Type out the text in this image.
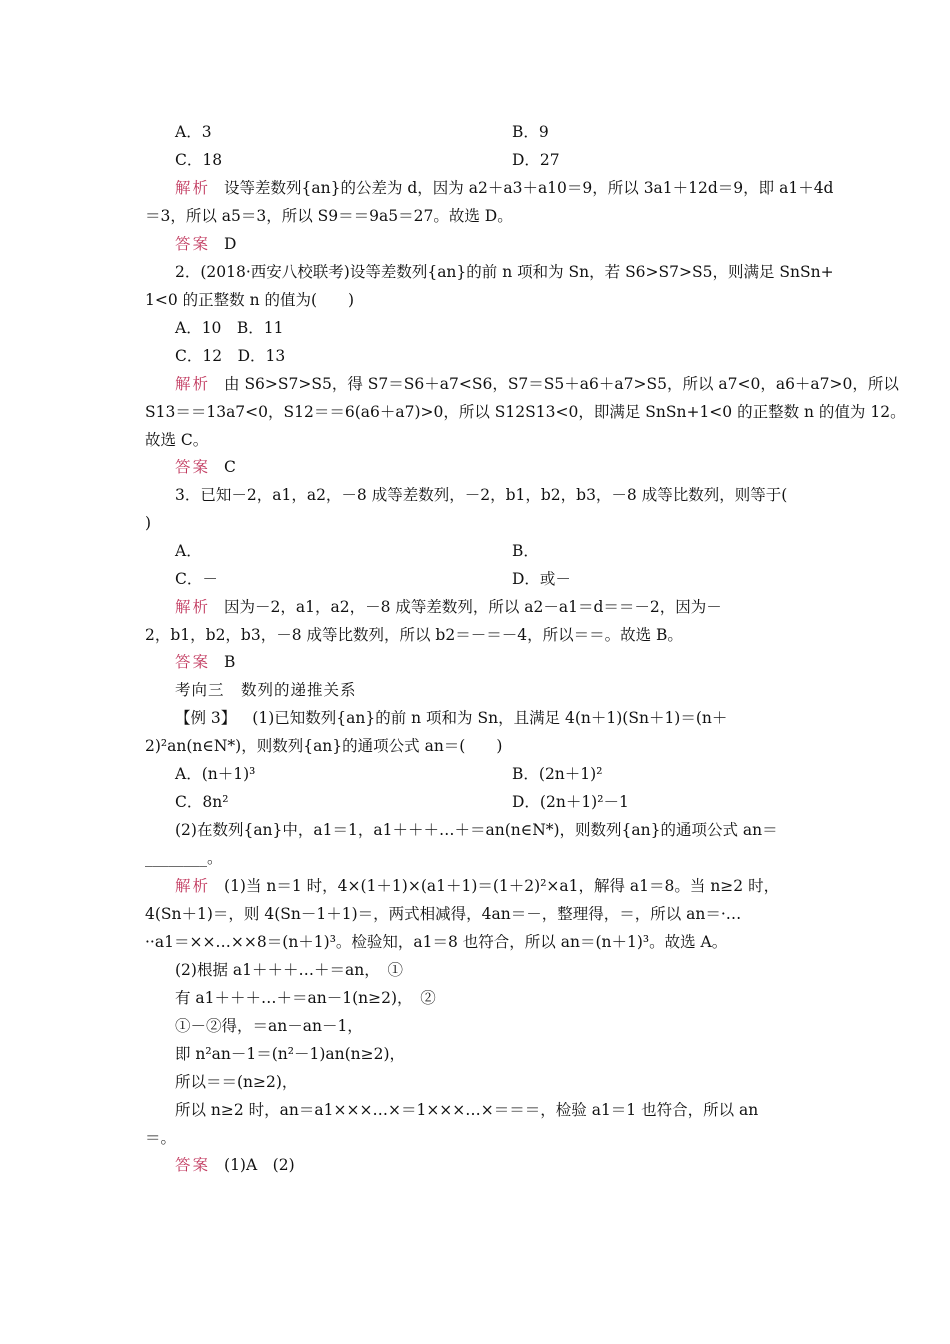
A．3	B．9
C．18	D．27
解析 设等差数列{an}的公差为 d，因为 a2＋a3＋a10＝9，所以 3a1＋12d＝9，即 a1＋4d
＝3，所以 a5＝3，所以 S9＝＝9a5＝27。故选 D。
答案 D
2．(2018·西安八校联考)设等差数列{an}的前 n 项和为 Sn，若 S6>S7>S5，则满足 SnSn+
1<0 的正整数 n 的值为(　　)
A．10　B．11
C．12　D．13
解析 由 S6>S7>S5，得 S7＝S6＋a7<S6，S7＝S5＋a6＋a7>S5，所以 a7<0，a6＋a7>0，所以
S13＝＝13a7<0，S12＝＝6(a6＋a7)>0，所以 S12S13<0，即满足 SnSn+1<0 的正整数 n 的值为 12。
故选 C。
答案 C
3．已知－2，a1，a2，－8 成等差数列，－2，b1，b2，b3，－8 成等比数列，则等于(
)
A．	B．
C．－	D．或－
解析 因为－2，a1，a2，－8 成等差数列，所以 a2－a1＝d＝＝－2，因为－
2，b1，b2，b3，－8 成等比数列，所以 b2＝－＝－4，所以＝＝。故选 B。
答案 B
考向三　数列的递推关系
【例 3】 (1)已知数列{an}的前 n 项和为 Sn，且满足 4(n＋1)(Sn＋1)＝(n＋
2)²an(n∈N*)，则数列{an}的通项公式 an＝(　　)
A．(n＋1)³	B．(2n＋1)²
C．8n²	D．(2n＋1)²－1
(2)在数列{an}中，a1＝1，a1＋＋＋…＋＝an(n∈N*)，则数列{an}的通项公式 an＝
________。
解析 (1)当 n＝1 时，4×(1＋1)×(a1＋1)＝(1＋2)²×a1，解得 a1＝8。当 n≥2 时，
4(Sn＋1)＝，则 4(Sn－1＋1)＝，两式相减得，4an＝－，整理得，＝，所以 an＝·…
··a1＝××…××8＝(n＋1)³。检验知，a1＝8 也符合，所以 an＝(n＋1)³。故选 A。
(2)根据 a1＋＋＋…＋＝an，　①
有 a1＋＋＋…＋＝an－1(n≥2)，　②
①－②得，＝an－an－1，
即 n²an－1＝(n²－1)an(n≥2)，
所以＝＝(n≥2)，
所以 n≥2 时，an＝a1×××…×＝1×××…×＝＝＝，检验 a1＝1 也符合，所以 an
＝。
答案 (1)A　(2)
